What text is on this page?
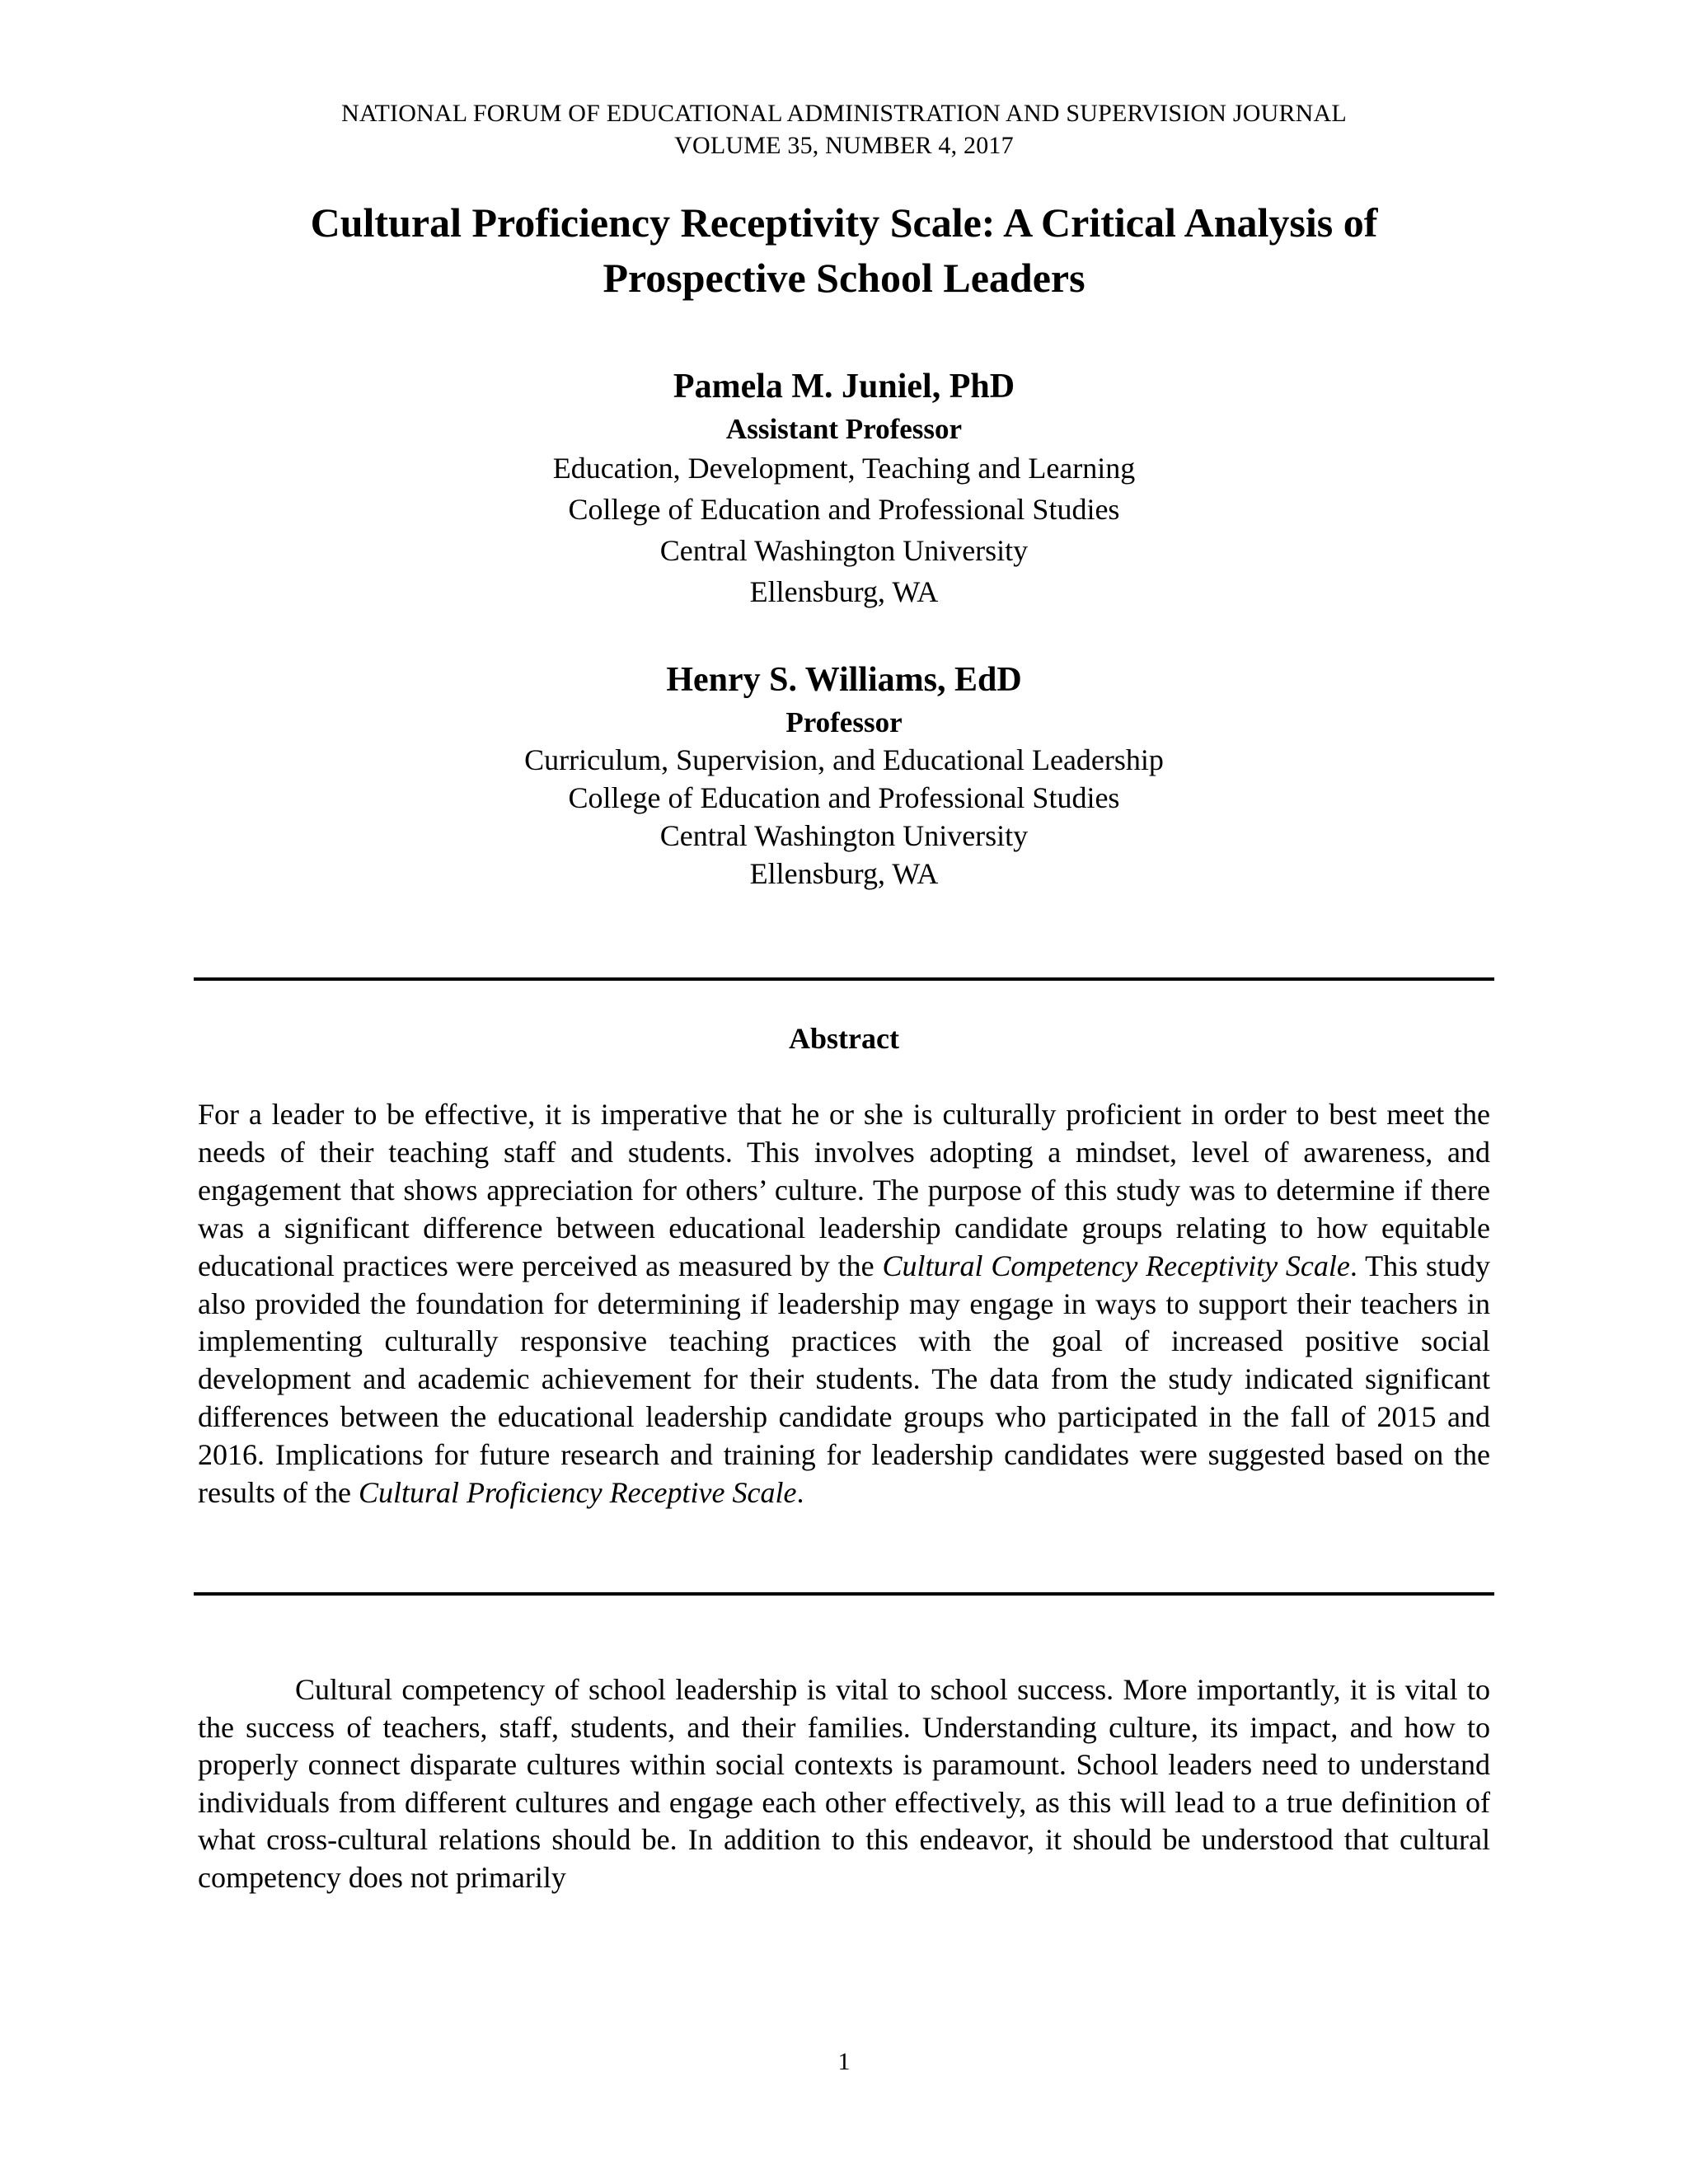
NATIONAL FORUM OF EDUCATIONAL ADMINISTRATION AND SUPERVISION JOURNAL
VOLUME 35, NUMBER 4, 2017
Cultural Proficiency Receptivity Scale: A Critical Analysis of
Prospective School Leaders
Pamela M. Juniel, PhD
Assistant Professor
Education, Development, Teaching and Learning
College of Education and Professional Studies
Central Washington University
Ellensburg, WA
Henry S. Williams, EdD
Professor
Curriculum, Supervision, and Educational Leadership
College of Education and Professional Studies
Central Washington University
Ellensburg, WA
Abstract

For a leader to be effective, it is imperative that he or she is culturally proficient in order to best meet the needs of their teaching staff and students. This involves adopting a mindset, level of awareness, and engagement that shows appreciation for others’ culture. The purpose of this study was to determine if there was a significant difference between educational leadership candidate groups relating to how equitable educational practices were perceived as measured by the Cultural Competency Receptivity Scale. This study also provided the foundation for determining if leadership may engage in ways to support their teachers in implementing culturally responsive teaching practices with the goal of increased positive social development and academic achievement for their students. The data from the study indicated significant differences between the educational leadership candidate groups who participated in the fall of 2015 and 2016. Implications for future research and training for leadership candidates were suggested based on the results of the Cultural Proficiency Receptive Scale.

Cultural competency of school leadership is vital to school success. More importantly, it is vital to the success of teachers, staff, students, and their families. Understanding culture, its impact, and how to properly connect disparate cultures within social contexts is paramount. School leaders need to understand individuals from different cultures and engage each other effectively, as this will lead to a true definition of what cross-cultural relations should be. In addition to this endeavor, it should be understood that cultural competency does not primarily

1
